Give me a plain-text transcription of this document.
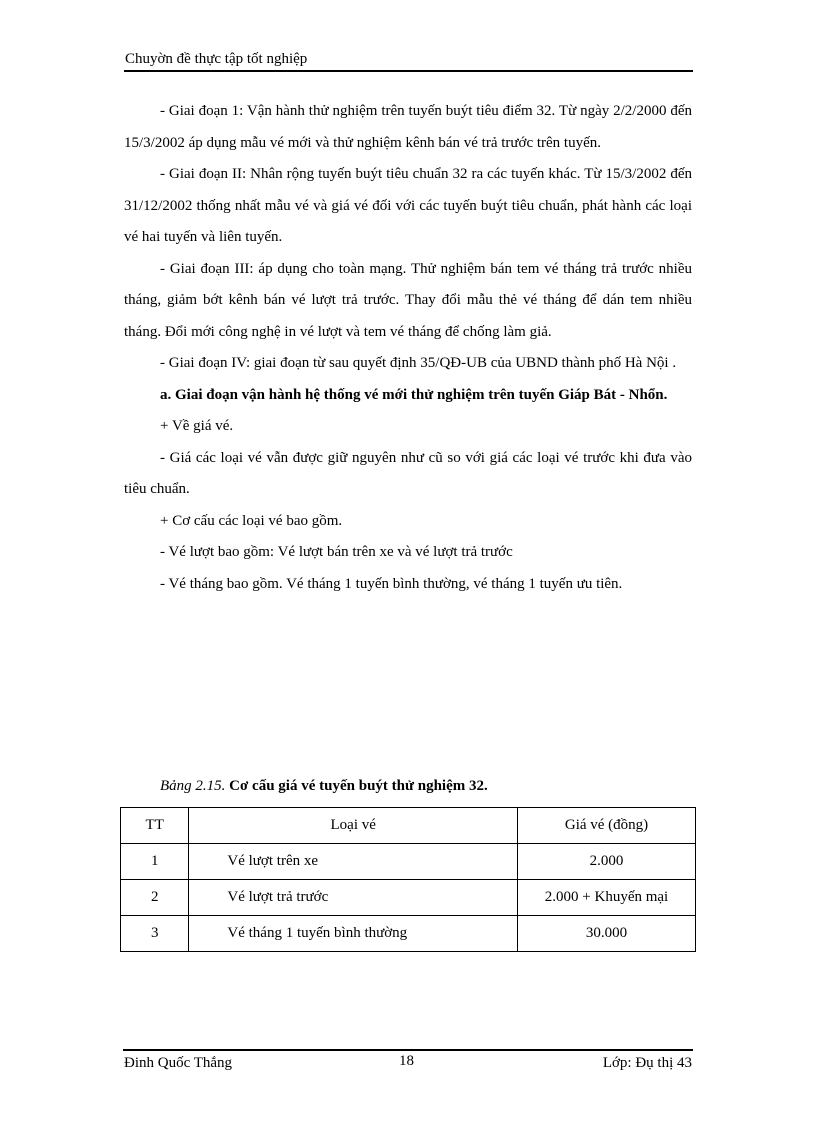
Chuyờn đề thực tập tốt nghiệp

- Giai đoạn 1: Vận hành thử nghiệm trên tuyến buýt tiêu điểm 32. Từ ngày 2/2/2000 đến 15/3/2002 áp dụng mẫu vé mới và thử nghiệm kênh bán vé trả trước trên tuyến.

- Giai đoạn II: Nhân rộng tuyến buýt tiêu chuẩn 32 ra các tuyến khác. Từ 15/3/2002 đến 31/12/2002 thống nhất mẫu vé và giá vé đối với các tuyến buýt tiêu chuẩn, phát hành các loại vé hai tuyến và liên tuyến.

- Giai đoạn III: áp dụng cho toàn mạng. Thử nghiệm bán tem vé tháng trả trước nhiều tháng, giảm bớt kênh bán vé lượt trả trước. Thay đổi mẫu thẻ vé tháng để dán tem nhiều tháng. Đổi mới công nghệ in vé lượt và tem vé tháng để chống làm giả.

- Giai đoạn IV: giai đoạn từ sau quyết định 35/QĐ-UB của UBND thành phố Hà Nội .

a. Giai đoạn vận hành hệ thống vé mới thử nghiệm trên tuyến Giáp Bát - Nhổn.

+ Về giá vé.

- Giá các loại vé vẫn được giữ nguyên như cũ so với giá các loại vé trước khi đưa vào tiêu chuẩn.

+ Cơ cấu các loại vé bao gồm.

- Vé lượt bao gồm: Vé lượt bán trên xe và vé lượt trả trước

- Vé tháng bao gồm. Vé tháng 1 tuyến bình thường, vé tháng 1 tuyến ưu tiên.

Bảng 2.15. Cơ cấu giá vé tuyến buýt thử nghiệm 32.
TT	Loại vé	Giá vé (đồng)
1	Vé lượt trên xe	2.000
2	Vé lượt trả trước	2.000 + Khuyến mại
3	Vé tháng 1 tuyến bình thường	30.000
Đinh Quốc Thắng	18	Lớp: Đụ thị 43
